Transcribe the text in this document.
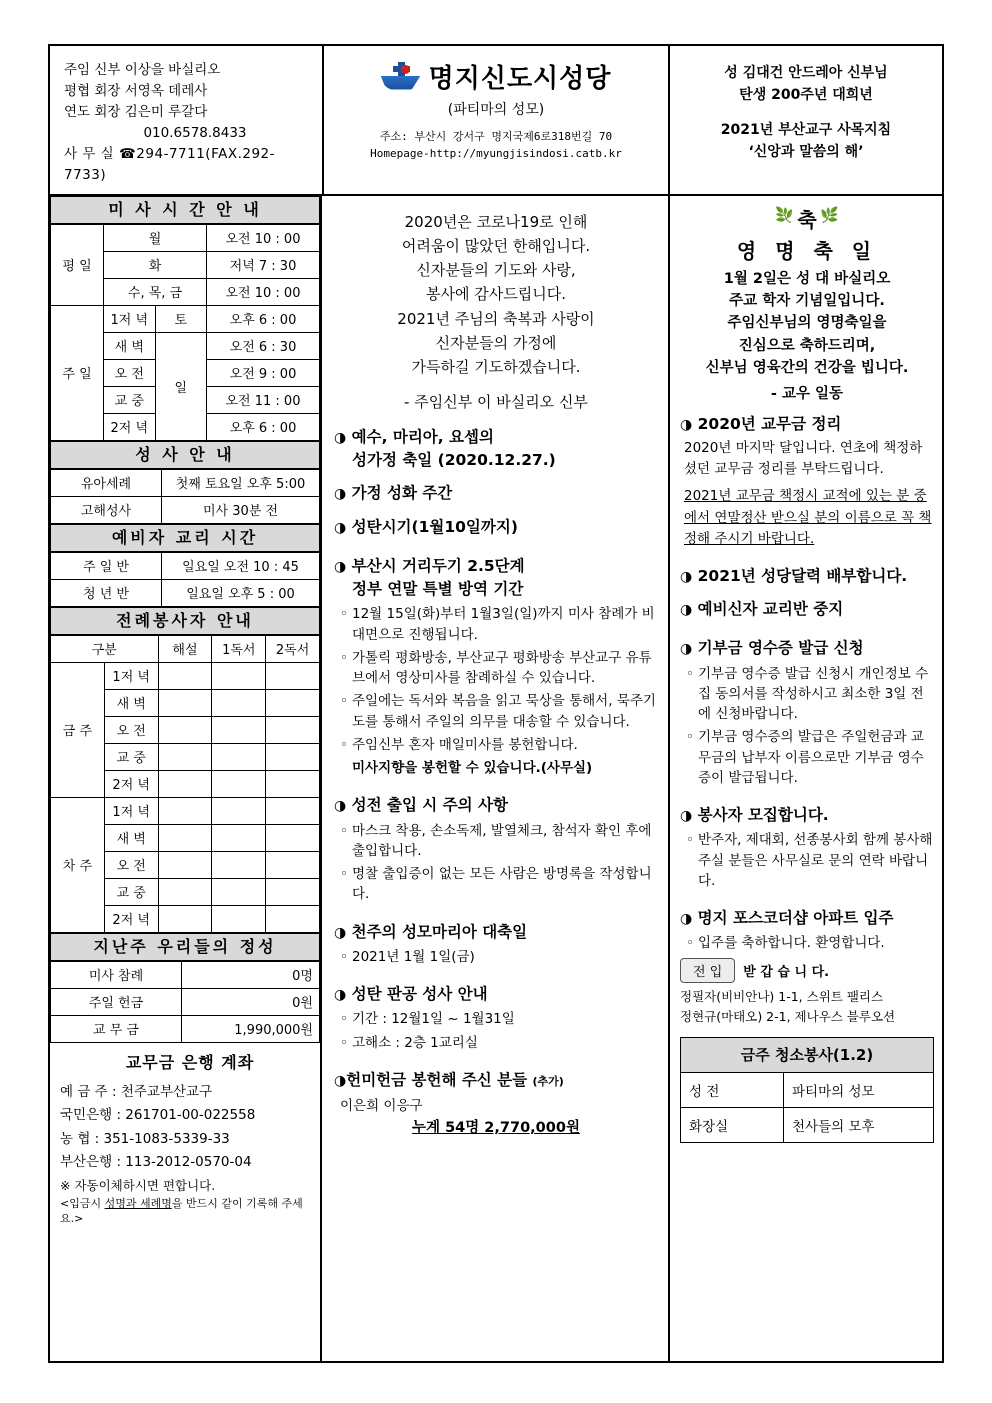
주임 신부 이상을 바실리오
평협 회장 서영옥 데레사
연도 회장 김은미 루갈다
010.6578.8433
사 무 실 ☎294-7711(FAX.292-7733)
명지신도시성당
(파티마의 성모)
주소: 부산시 강서구 명지국제6로318번길 70
Homepage-http://myungjisindosi.catb.kr
성 김대건 안드레아 신부님
탄생 200주년 대희년
2021년 부산교구 사목지침
‘신앙과 말씀의 해’
미 사 시 간 안 내
평 일	월		오전 10 : 00
	화		저녁 7 : 30
	수, 목, 금		오전 10 : 00
주 일	1저 녁	토	오후 6 : 00
	새 벽	일	오전 6 : 30
	오 전		오전 9 : 00
	교 중		오전 11 : 00
	2저 녁		오후 6 : 00
성 사 안 내
유아세례	첫째 토요일 오후 5:00
고해성사	미사 30분 전
예비자 교리 시간
주 일 반	일요일 오전 10 : 45
청 년 반	일요일 오후 5 : 00
전례봉사자 안내
구분		해설	1독서	2독서
금 주	1저 녁			
	새 벽			
	오 전			
	교 중			
	2저 녁			
차 주	1저 녁			
	새 벽			
	오 전			
	교 중			
	2저 녁			
지난주 우리들의 정성
미사 참례	0명
주일 헌금	0원
교 무 금	1,990,000원
교무금 은행 계좌
예 금 주 : 천주교부산교구
국민은행 : 261701-00-022558
농 협 : 351-1083-5339-33
부산은행 : 113-2012-0570-04
※ 자동이체하시면 편합니다.
<입금시 성명과 세례명을 반드시 같이 기록해 주세요.>
2020년은 코로나19로 인해
어려움이 많았던 한해입니다.
신자분들의 기도와 사랑,
봉사에 감사드립니다.
2021년 주님의 축복과 사랑이
신자분들의 가정에
가득하길 기도하겠습니다.
- 주임신부 이 바실리오 신부
◑ 예수, 마리아, 요셉의
성가정 축일 (2020.12.27.)
◑ 가정 성화 주간
◑ 성탄시기(1월10일까지)
◑ 부산시 거리두기 2.5단계
정부 연말 특별 방역 기간
◦ 12월 15일(화)부터 1월3일(일)까지 미사 참례가 비대면으로 진행됩니다.
◦ 가톨릭 평화방송, 부산교구 평화방송 부산교구 유튜브에서 영상미사를 참례하실 수 있습니다.
◦ 주일에는 독서와 복음을 읽고 묵상을 통해서, 묵주기도를 통해서 주일의 의무를 대송할 수 있습니다.
◦ 주임신부 혼자 매일미사를 봉헌합니다.
미사지향을 봉헌할 수 있습니다.(사무실)
◑ 성전 출입 시 주의 사항
◦ 마스크 착용, 손소독제, 발열체크, 참석자 확인 후에 출입합니다.
◦ 명찰 출입증이 없는 모든 사람은 방명록을 작성합니다.
◑ 천주의 성모마리아 대축일
◦ 2021년 1월 1일(금)
◑ 성탄 판공 성사 안내
◦ 기간 : 12월1일 ~ 1월31일
◦ 고해소 : 2층 1교리실
◑헌미헌금 봉헌해 주신 분들 (추가)
이은희 이응구
누계 54명 2,770,000원
🌿 축 🌿
영 명 축 일
1월 2일은 성 대 바실리오
주교 학자 기념일입니다.
주임신부님의 영명축일을
진심으로 축하드리며,
신부님 영육간의 건강을 빕니다.
- 교우 일동
◑ 2020년 교무금 정리
2020년 마지막 달입니다. 연초에 책정하셨던 교무금 정리를 부탁드립니다.
2021년 교무금 책정시 교적에 있는 분 중에서 연말정산 받으실 분의 이름으로 꼭 책정해 주시기 바랍니다.
◑ 2021년 성당달력 배부합니다.
◑ 예비신자 교리반 중지
◑ 기부금 영수증 발급 신청
◦ 기부금 영수증 발급 신청시 개인정보 수집 동의서를 작성하시고 최소한 3일 전에 신청바랍니다.
◦ 기부금 영수증의 발급은 주일헌금과 교무금의 납부자 이름으로만 기부금 영수증이 발급됩니다.
◑ 봉사자 모집합니다.
◦ 반주자, 제대회, 선종봉사회 함께 봉사해 주실 분들은 사무실로 문의 연락 바랍니다.
◑ 명지 포스코더샵 아파트 입주
◦ 입주를 축하합니다. 환영합니다.
전 입	받 갑 습 니 다.
정필자(비비안나) 1-1, 스위트 팰리스
정현규(마태오) 2-1, 제나우스 블루오션
금주 청소봉사(1.2)	
성 전	파티마의 성모
화장실	천사들의 모후
